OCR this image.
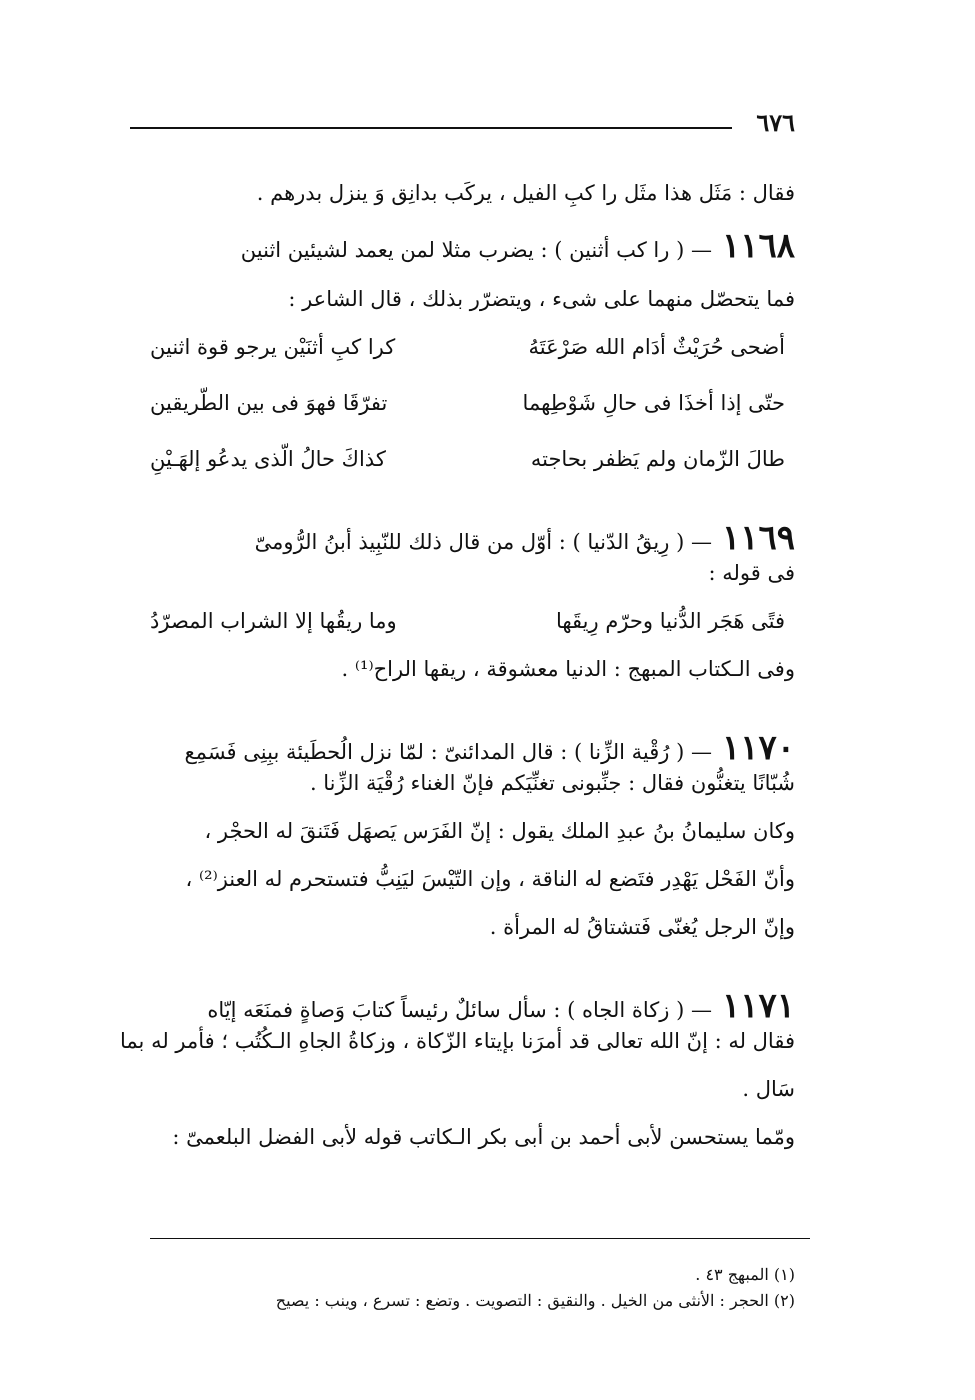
٦٧٦
فقال : مَثَل هذا مثَل را كبِ الفيل ، يركَب بدانِق وَ ينزل بدرهم .
١١٦٨
— ( را كب أثنين ) : يضرب مثلا لمن يعمد لشيئين اثنين
فما يتحصّل منهما على شىء ، ويتضرّر بذلك ، قال الشاعر :
أضحى حُرَيْثٌ أدَام الله صَرْعَتَهُ
كرا كبِ أثنَيْن يرجو قوة اثنين
حتّى إذا أخذَا فى حالِ شَوْطِهما
تفرّقَا فهوَ فى بين الطّريقين
طالَ الزّمان ولم يَظفر بحاجته
كذاكَ حالُ الّذى يدعُو إلهَـيْنِ
١١٦٩
— ( رِيقُ الدّنيا ) : أوّل من قال ذلك للنّبِيذ أبنُ الرُّومىّ
فى قوله :
فتًى هَجَر الدُّنيا وحرّم رِيقَها
وما ريقُها إلا الشراب المصرّدُ
وفى الـكتاب المبهج : الدنيا معشوقة ، ريقها الراح⁽¹⁾ .
١١٧٠
— ( رُقْية الزِّنا ) : قال المدائنىّ : لمّا نزل الُحطَيئة ببِنِى فَسَمِع
شُبّانًا يتغنُّون فقال : جنِّبونى تغنِّيَكم فإنّ الغناء رُقْيَة الزِّنا .
وكان سليمانُ بنُ عبدِ الملك يقول : إنّ الفَرَس يَصهَل فَتَنقَ له الحجْر ،
وأنّ الفَحْل يَهْدِر فتَضع له الناقة ، وإن التّيْسَ ليَنِبُّ فتستحرم له العنز⁽²⁾ ،
وإنّ الرجل يُغنّى فَتشتاقُ له المرأة .
١١٧١
— ( زكاة الجاه ) : سأل سائلٌ رئيساً كتابَ وَصاةٍ فمنَعَه إيّاه
فقال له : إنّ الله تعالى قد أمرَنا بإيتاء الزّكاة ، وزكاةُ الجاهِ الـكُتُب ؛ فأمر له بما
سَال .
ومّما يستحسن لأبى أحمد بن أبى بكر الـكاتب قوله لأبى الفضل البلعمىّ :
(١) المبهج ٤٣ .
(٢) الحجر : الأنثى من الخيل . والنقيق : التصويت . وتضع : تسرع ، وينب : يصيح
